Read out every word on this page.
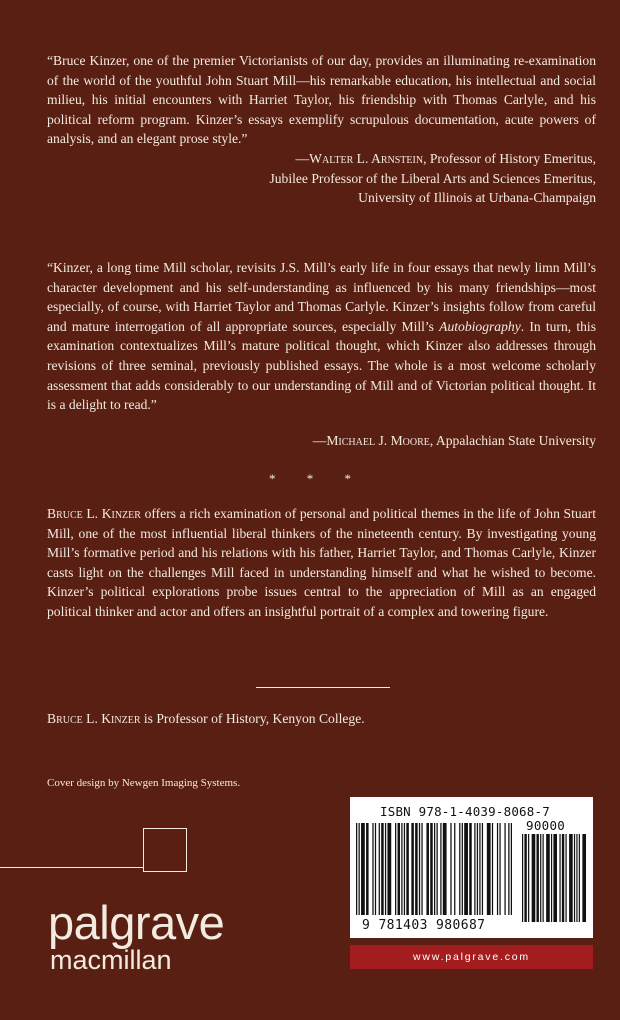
“Bruce Kinzer, one of the premier Victorianists of our day, provides an illuminating re-examination of the world of the youthful John Stuart Mill—his remarkable education, his intellectual and social milieu, his initial encounters with Harriet Taylor, his friendship with Thomas Carlyle, and his political reform program. Kinzer’s essays exemplify scrupulous documentation, acute powers of analysis, and an elegant prose style.”

—Walter L. Arnstein, Professor of History Emeritus,
Jubilee Professor of the Liberal Arts and Sciences Emeritus,
University of Illinois at Urbana-Champaign

“Kinzer, a long time Mill scholar, revisits J.S. Mill’s early life in four essays that newly limn Mill’s character development and his self-understanding as influenced by his many friendships—most especially, of course, with Harriet Taylor and Thomas Carlyle. Kinzer’s insights follow from careful and mature interrogation of all appropriate sources, especially Mill’s Autobiography. In turn, this examination contextualizes Mill’s mature political thought, which Kinzer also addresses through revisions of three seminal, previously published essays. The whole is a most welcome scholarly assessment that adds considerably to our understanding of Mill and of Victorian political thought. It is a delight to read.”

—Michael J. Moore, Appalachian State University
* * *

Bruce L. Kinzer offers a rich examination of personal and political themes in the life of John Stuart Mill, one of the most influential liberal thinkers of the nineteenth century. By investigating young Mill’s formative period and his relations with his father, Harriet Taylor, and Thomas Carlyle, Kinzer casts light on the challenges Mill faced in understanding himself and what he wished to become. Kinzer’s political explorations probe issues central to the appreciation of Mill as an engaged political thinker and actor and offers an insightful portrait of a complex and towering figure.

Bruce L. Kinzer is Professor of History, Kenyon College.

Cover design by Newgen Imaging Systems.

palgrave
macmillan
ISBN 978-1-4039-8068-7
90000
9 781403 980687
www.palgrave.com
